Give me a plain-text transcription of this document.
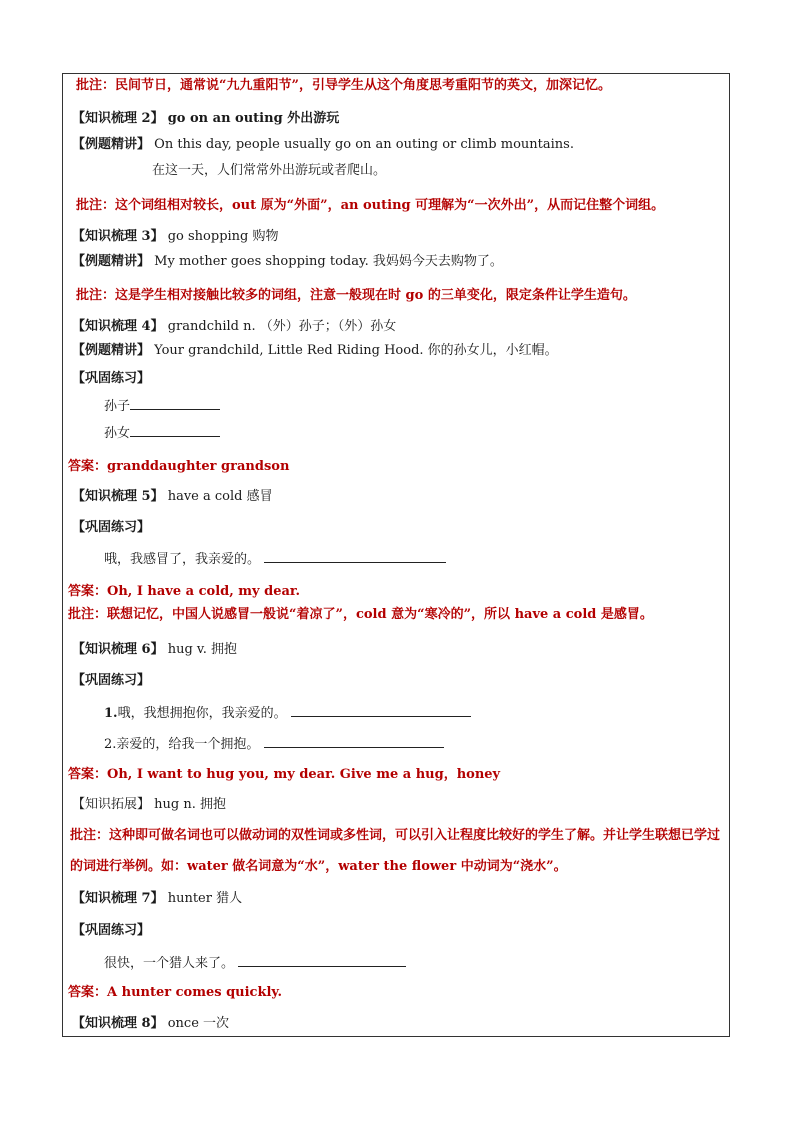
批注：民间节日，通常说“九九重阳节”，引导学生从这个角度思考重阳节的英文，加深记忆。
【知识梳理 2】 go on an outing 外出游玩
【例题精讲】 On this day, people usually go on an outing or climb mountains.
在这一天，人们常常外出游玩或者爬山。
批注：这个词组相对较长，out 原为“外面”，an outing 可理解为“一次外出”，从而记住整个词组。
【知识梳理 3】 go shopping 购物
【例题精讲】 My mother goes shopping today. 我妈妈今天去购物了。
批注：这是学生相对接触比较多的词组，注意一般现在时 go 的三单变化，限定条件让学生造句。
【知识梳理 4】 grandchild n. （外）孙子；（外）孙女
【例题精讲】 Your grandchild, Little Red Riding Hood. 你的孙女儿，小红帽。
【巩固练习】
孙子
孙女
答案：granddaughter grandson
【知识梳理 5】 have a cold 感冒
【巩固练习】
哦，我感冒了，我亲爱的。
答案：Oh, I have a cold, my dear.
批注：联想记忆，中国人说感冒一般说“着凉了”，cold 意为“寒冷的”，所以 have a cold 是感冒。
【知识梳理 6】 hug v. 拥抱
【巩固练习】
1.哦，我想拥抱你，我亲爱的。
2.亲爱的，给我一个拥抱。
答案：Oh, I want to hug you, my dear. Give me a hug，honey
【知识拓展】 hug n. 拥抱
批注：这种即可做名词也可以做动词的双性词或多性词，可以引入让程度比较好的学生了解。并让学生联想已学过的词进行举例。如：water 做名词意为“水”，water the flower 中动词为“浇水”。
【知识梳理 7】 hunter 猎人
【巩固练习】
很快，一个猎人来了。
答案：A hunter comes quickly.
【知识梳理 8】 once 一次
